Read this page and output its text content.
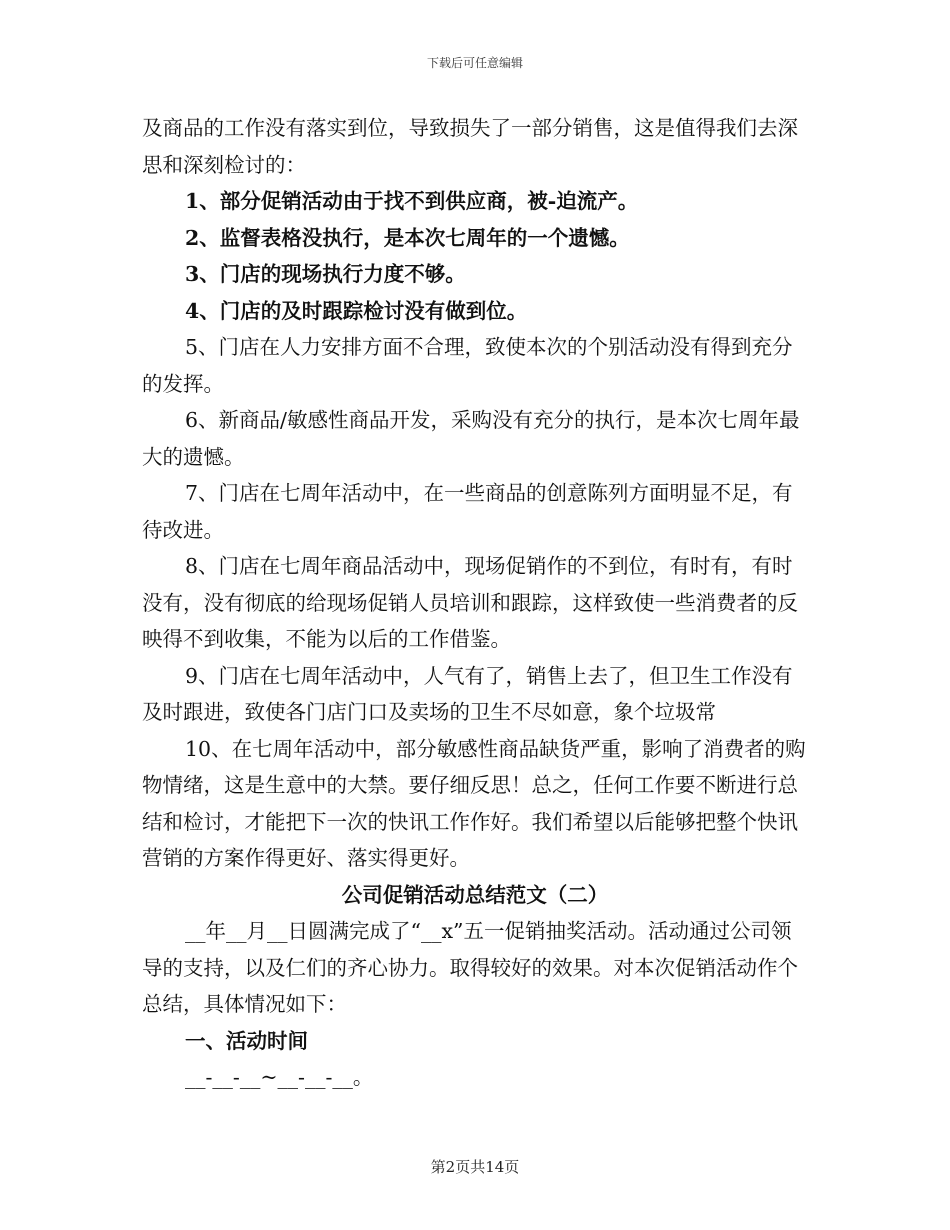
下载后可任意编辑

及商品的工作没有落实到位，导致损失了一部分销售，这是值得我们去深思和深刻检讨的：

1、部分促销活动由于找不到供应商，被-迫流产。

2、监督表格没执行，是本次七周年的一个遗憾。

3、门店的现场执行力度不够。

4、门店的及时跟踪检讨没有做到位。

5、门店在人力安排方面不合理，致使本次的个别活动没有得到充分的发挥。

6、新商品/敏感性商品开发，采购没有充分的执行，是本次七周年最大的遗憾。

7、门店在七周年活动中，在一些商品的创意陈列方面明显不足，有待改进。

8、门店在七周年商品活动中，现场促销作的不到位，有时有，有时没有，没有彻底的给现场促销人员培训和跟踪，这样致使一些消费者的反映得不到收集，不能为以后的工作借鉴。

9、门店在七周年活动中，人气有了，销售上去了，但卫生工作没有及时跟进，致使各门店门口及卖场的卫生不尽如意，象个垃圾常

10、在七周年活动中，部分敏感性商品缺货严重，影响了消费者的购物情绪，这是生意中的大禁。要仔细反思！总之，任何工作要不断进行总结和检讨，才能把下一次的快讯工作作好。我们希望以后能够把整个快讯营销的方案作得更好、落实得更好。

公司促销活动总结范文（二）

__年__月__日圆满完成了“__x”五一促销抽奖活动。活动通过公司领导的支持，以及仁们的齐心协力。取得较好的效果。对本次促销活动作个总结，具体情况如下：

一、活动时间

__-__-__~__-__-__。

第2页共14页
